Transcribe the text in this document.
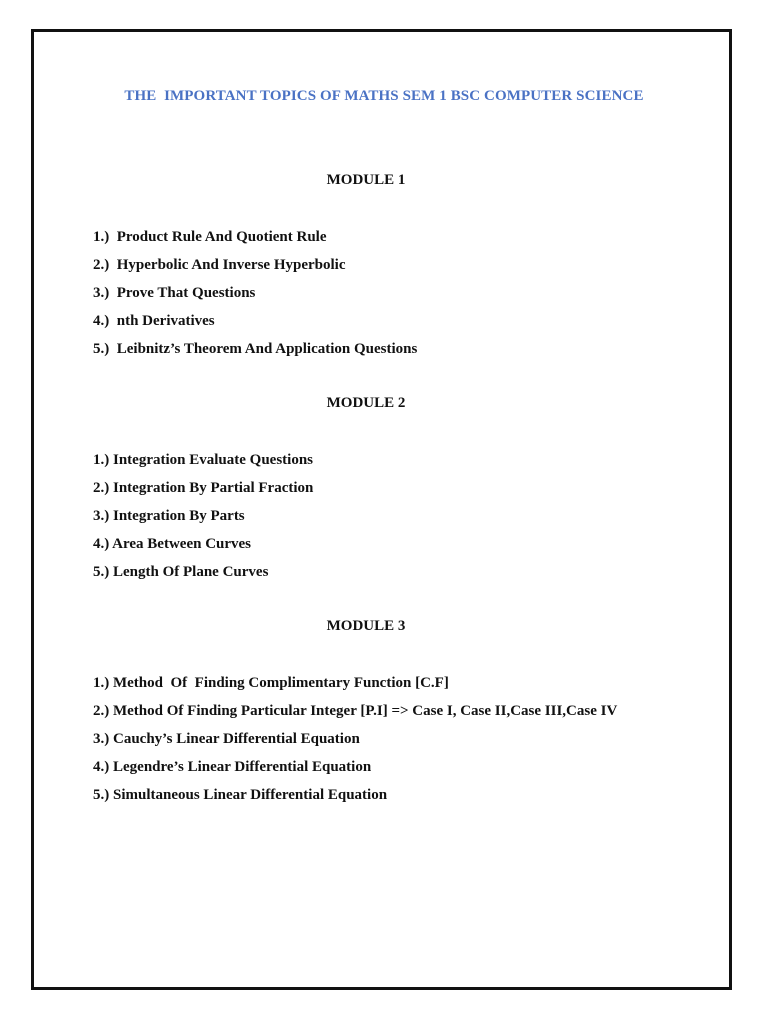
THE  IMPORTANT TOPICS OF MATHS SEM 1 BSC COMPUTER SCIENCE
MODULE 1
1.)  Product Rule And Quotient Rule
2.)  Hyperbolic And Inverse Hyperbolic
3.)  Prove That Questions
4.)  nth Derivatives
5.)  Leibnitz’s Theorem And Application Questions
MODULE 2
1.) Integration Evaluate Questions
2.) Integration By Partial Fraction
3.) Integration By Parts
4.) Area Between Curves
5.) Length Of Plane Curves
MODULE 3
1.) Method  Of  Finding Complimentary Function [C.F]
2.) Method Of Finding Particular Integer [P.I] => Case I, Case II,Case III,Case IV
3.) Cauchy’s Linear Differential Equation
4.) Legendre’s Linear Differential Equation
5.) Simultaneous Linear Differential Equation
